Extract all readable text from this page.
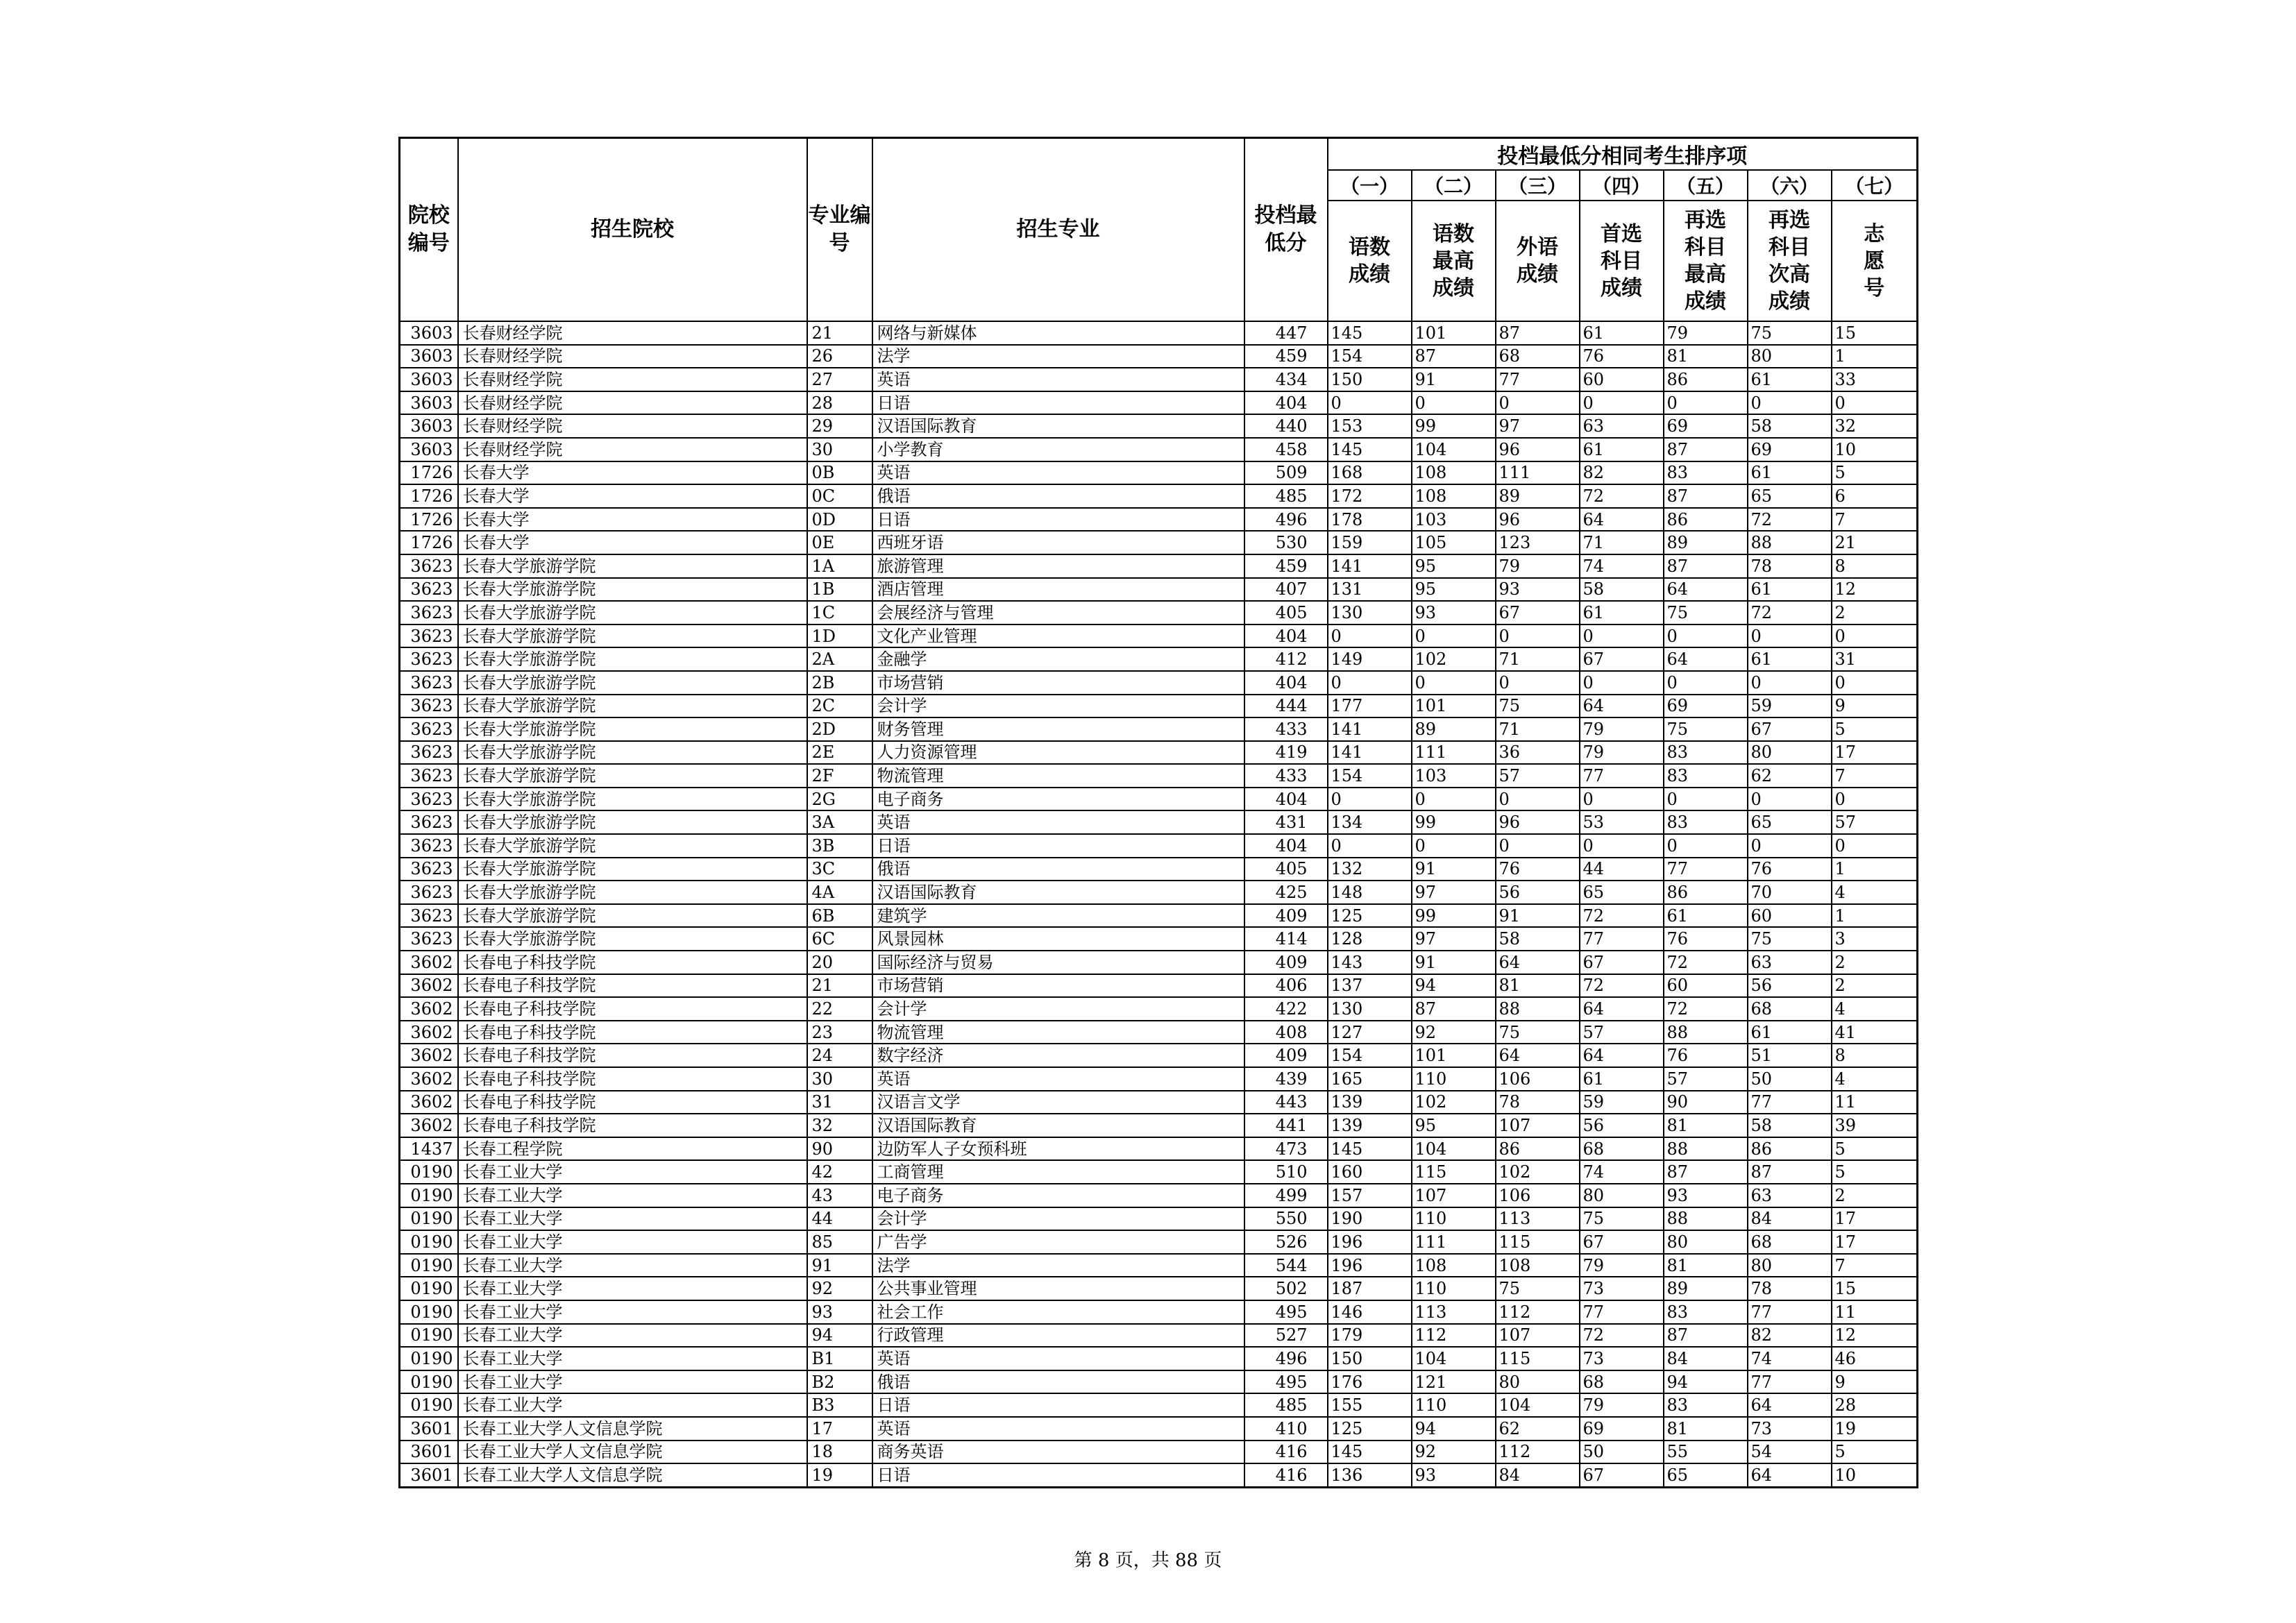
院校编号	招生院校	专业编号	招生专业	投档最低分	投档最低分相同考生排序项						
					（一）	（二）	（三）	（四）	（五）	（六）	（七）
					语数成绩	语数最高成绩	外语成绩	首选科目成绩	再选科目最高成绩	再选科目次高成绩	志愿号
3603	长春财经学院	21	网络与新媒体	447	145	101	87	61	79	75	15
3603	长春财经学院	26	法学	459	154	87	68	76	81	80	1
3603	长春财经学院	27	英语	434	150	91	77	60	86	61	33
3603	长春财经学院	28	日语	404	0	0	0	0	0	0	0
3603	长春财经学院	29	汉语国际教育	440	153	99	97	63	69	58	32
3603	长春财经学院	30	小学教育	458	145	104	96	61	87	69	10
1726	长春大学	0B	英语	509	168	108	111	82	83	61	5
1726	长春大学	0C	俄语	485	172	108	89	72	87	65	6
1726	长春大学	0D	日语	496	178	103	96	64	86	72	7
1726	长春大学	0E	西班牙语	530	159	105	123	71	89	88	21
3623	长春大学旅游学院	1A	旅游管理	459	141	95	79	74	87	78	8
3623	长春大学旅游学院	1B	酒店管理	407	131	95	93	58	64	61	12
3623	长春大学旅游学院	1C	会展经济与管理	405	130	93	67	61	75	72	2
3623	长春大学旅游学院	1D	文化产业管理	404	0	0	0	0	0	0	0
3623	长春大学旅游学院	2A	金融学	412	149	102	71	67	64	61	31
3623	长春大学旅游学院	2B	市场营销	404	0	0	0	0	0	0	0
3623	长春大学旅游学院	2C	会计学	444	177	101	75	64	69	59	9
3623	长春大学旅游学院	2D	财务管理	433	141	89	71	79	75	67	5
3623	长春大学旅游学院	2E	人力资源管理	419	141	111	36	79	83	80	17
3623	长春大学旅游学院	2F	物流管理	433	154	103	57	77	83	62	7
3623	长春大学旅游学院	2G	电子商务	404	0	0	0	0	0	0	0
3623	长春大学旅游学院	3A	英语	431	134	99	96	53	83	65	57
3623	长春大学旅游学院	3B	日语	404	0	0	0	0	0	0	0
3623	长春大学旅游学院	3C	俄语	405	132	91	76	44	77	76	1
3623	长春大学旅游学院	4A	汉语国际教育	425	148	97	56	65	86	70	4
3623	长春大学旅游学院	6B	建筑学	409	125	99	91	72	61	60	1
3623	长春大学旅游学院	6C	风景园林	414	128	97	58	77	76	75	3
3602	长春电子科技学院	20	国际经济与贸易	409	143	91	64	67	72	63	2
3602	长春电子科技学院	21	市场营销	406	137	94	81	72	60	56	2
3602	长春电子科技学院	22	会计学	422	130	87	88	64	72	68	4
3602	长春电子科技学院	23	物流管理	408	127	92	75	57	88	61	41
3602	长春电子科技学院	24	数字经济	409	154	101	64	64	76	51	8
3602	长春电子科技学院	30	英语	439	165	110	106	61	57	50	4
3602	长春电子科技学院	31	汉语言文学	443	139	102	78	59	90	77	11
3602	长春电子科技学院	32	汉语国际教育	441	139	95	107	56	81	58	39
1437	长春工程学院	90	边防军人子女预科班	473	145	104	86	68	88	86	5
0190	长春工业大学	42	工商管理	510	160	115	102	74	87	87	5
0190	长春工业大学	43	电子商务	499	157	107	106	80	93	63	2
0190	长春工业大学	44	会计学	550	190	110	113	75	88	84	17
0190	长春工业大学	85	广告学	526	196	111	115	67	80	68	17
0190	长春工业大学	91	法学	544	196	108	108	79	81	80	7
0190	长春工业大学	92	公共事业管理	502	187	110	75	73	89	78	15
0190	长春工业大学	93	社会工作	495	146	113	112	77	83	77	11
0190	长春工业大学	94	行政管理	527	179	112	107	72	87	82	12
0190	长春工业大学	B1	英语	496	150	104	115	73	84	74	46
0190	长春工业大学	B2	俄语	495	176	121	80	68	94	77	9
0190	长春工业大学	B3	日语	485	155	110	104	79	83	64	28
3601	长春工业大学人文信息学院	17	英语	410	125	94	62	69	81	73	19
3601	长春工业大学人文信息学院	18	商务英语	416	145	92	112	50	55	54	5
3601	长春工业大学人文信息学院	19	日语	416	136	93	84	67	65	64	10
第 8 页，共 88 页
